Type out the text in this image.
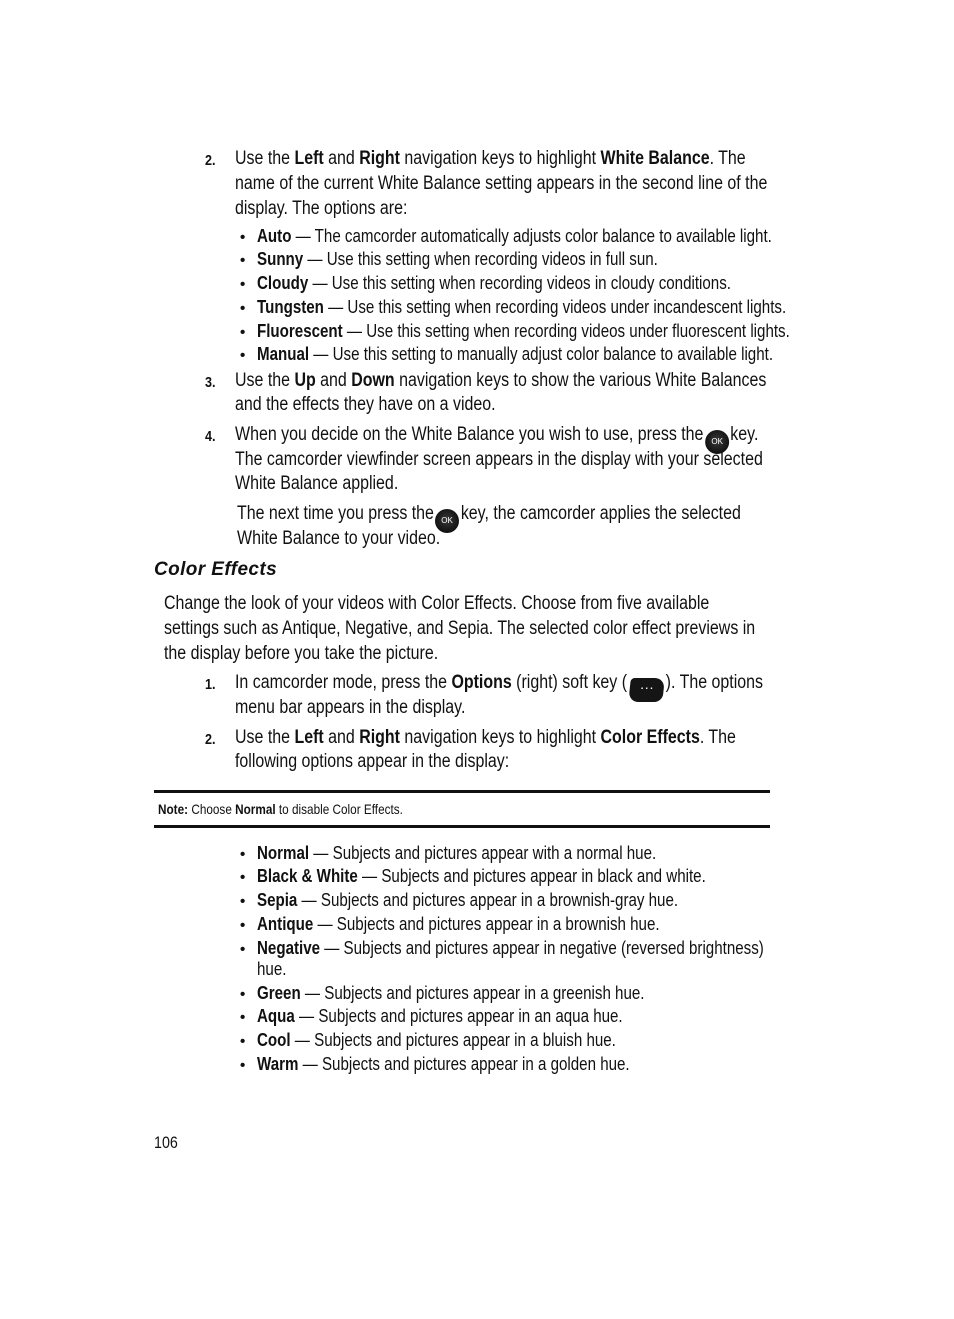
2. Use the Left and Right navigation keys to highlight White Balance. The
name of the current White Balance setting appears in the second line of the
display. The options are:
• Auto — The camcorder automatically adjusts color balance to available light.
• Sunny — Use this setting when recording videos in full sun.
• Cloudy — Use this setting when recording videos in cloudy conditions.
• Tungsten — Use this setting when recording videos under incandescent lights.
• Fluorescent — Use this setting when recording videos under fluorescent lights.
• Manual — Use this setting to manually adjust color balance to available light.
3. Use the Up and Down navigation keys to show the various White Balances
and the effects they have on a video.
4. When you decide on the White Balance you wish to use, press the OK key.
The camcorder viewfinder screen appears in the display with your selected
White Balance applied.
The next time you press the OK key, the camcorder applies the selected
White Balance to your video.
Color Effects
Change the look of your videos with Color Effects. Choose from five available
settings such as Antique, Negative, and Sepia. The selected color effect previews in
the display before you take the picture.
1. In camcorder mode, press the Options (right) soft key ( ··· ). The options
menu bar appears in the display.
2. Use the Left and Right navigation keys to highlight Color Effects. The
following options appear in the display:
Note: Choose Normal to disable Color Effects.
• Normal — Subjects and pictures appear with a normal hue.
• Black & White — Subjects and pictures appear in black and white.
• Sepia — Subjects and pictures appear in a brownish-gray hue.
• Antique — Subjects and pictures appear in a brownish hue.
• Negative — Subjects and pictures appear in negative (reversed brightness)
hue.
• Green — Subjects and pictures appear in a greenish hue.
• Aqua — Subjects and pictures appear in an aqua hue.
• Cool — Subjects and pictures appear in a bluish hue.
• Warm — Subjects and pictures appear in a golden hue.
106
